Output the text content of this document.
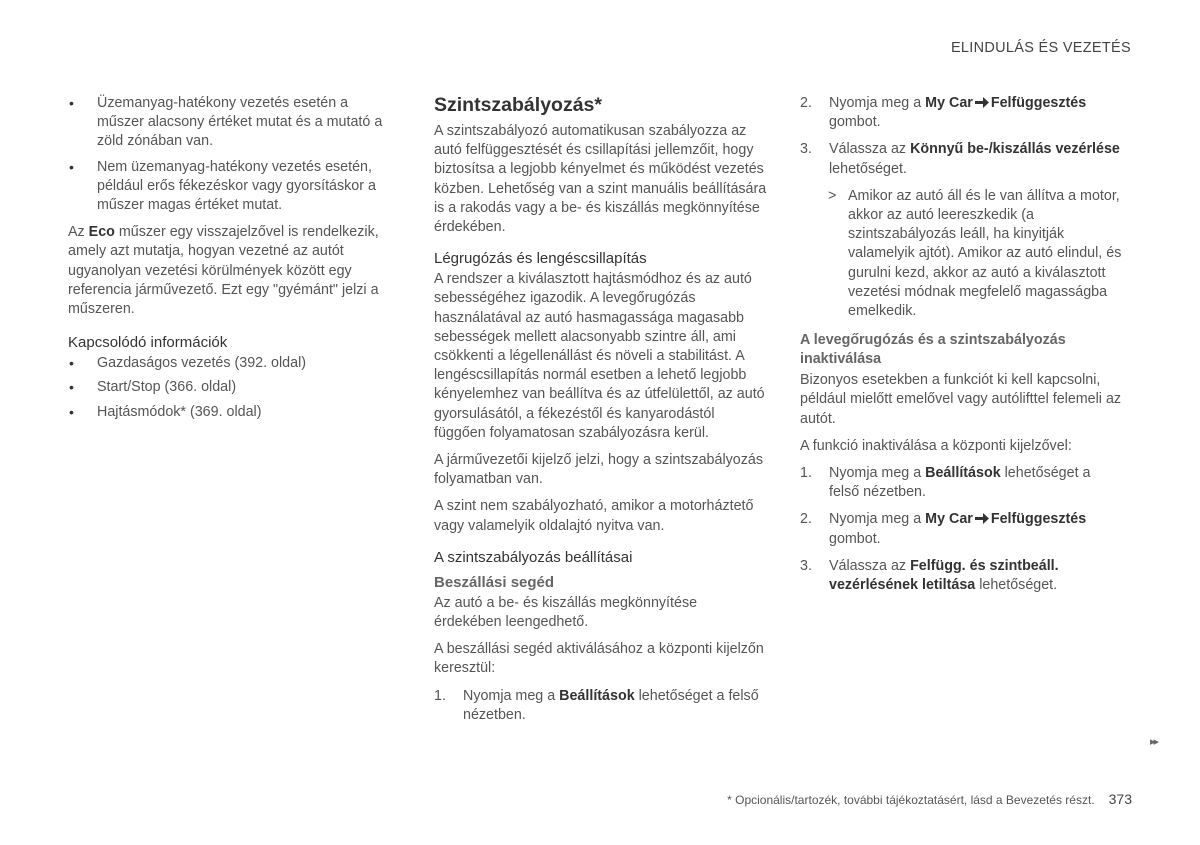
ELINDULÁS ÉS VEZETÉS
• Üzemanyag-hatékony vezetés esetén a műszer alacsony értéket mutat és a mutató a zöld zónában van.
• Nem üzemanyag-hatékony vezetés esetén, például erős fékezéskor vagy gyorsításkor a műszer magas értéket mutat.

Az Eco műszer egy visszajelzővel is rendelkezik, amely azt mutatja, hogyan vezetné az autót ugyanolyan vezetési körülmények között egy referencia járművezető. Ezt egy "gyémánt" jelzi a műszeren.

Kapcsolódó információk
• Gazdaságos vezetés (392. oldal)
• Start/Stop (366. oldal)
• Hajtásmódok* (369. oldal)
Szintszabályozás*

A szintszabályozó automatikusan szabályozza az autó felfüggesztését és csillapítási jellemzőit, hogy biztosítsa a legjobb kényelmet és működést vezetés közben. Lehetőség van a szint manuális beállítására is a rakodás vagy a be- és kiszállás megkönnyítése érdekében.

Légrugózás és lengéscsillapítás

A rendszer a kiválasztott hajtásmódhoz és az autó sebességéhez igazodik. A levegőrugózás használatával az autó hasmagassága magasabb sebességek mellett alacsonyabb szintre áll, ami csökkenti a légellenállást és növeli a stabilitást. A lengéscsillapítás normál esetben a lehető legjobb kényelemhez van beállítva és az útfelülettől, az autó gyorsulásától, a fékezéstől és kanyarodástól függően folyamatosan szabályozásra kerül.

A járművezetői kijelző jelzi, hogy a szintszabályozás folyamatban van.

A szint nem szabályozható, amikor a motorháztető vagy valamelyik oldalajtó nyitva van.

A szintszabályozás beállításai
Beszállási segéd

Az autó a be- és kiszállás megkönnyítése érdekében leengedhető.

A beszállási segéd aktiválásához a központi kijelzőn keresztül:

1. Nyomja meg a Beállítások lehetőséget a felső nézetben.
2. Nyomja meg a My Car Felfüggesztés
gombot.
3. Válassza az Könnyű be-/kiszállás vezérlése lehetőséget.
> Amikor az autó áll és le van állítva a motor, akkor az autó leereszkedik (a szintszabályozás leáll, ha kinyitják valamelyik ajtót). Amikor az autó elindul, és gurulni kezd, akkor az autó a kiválasztott vezetési módnak megfelelő magasságba emelkedik.
A levegőrugózás és a szintszabályozás inaktiválása

Bizonyos esetekben a funkciót ki kell kapcsolni, például mielőtt emelővel vagy autólifttel felemeli az autót.

A funkció inaktiválása a központi kijelzővel:

1. Nyomja meg a Beállítások lehetőséget a felső nézetben.
2. Nyomja meg a My Car Felfüggesztés
gombot.
3. Válassza az Felfügg. és szintbeáll. vezérlésének letiltása lehetőséget.
▸▸
* Opcionális/tartozék, további tájékoztatásért, lásd a Bevezetés részt. 373
